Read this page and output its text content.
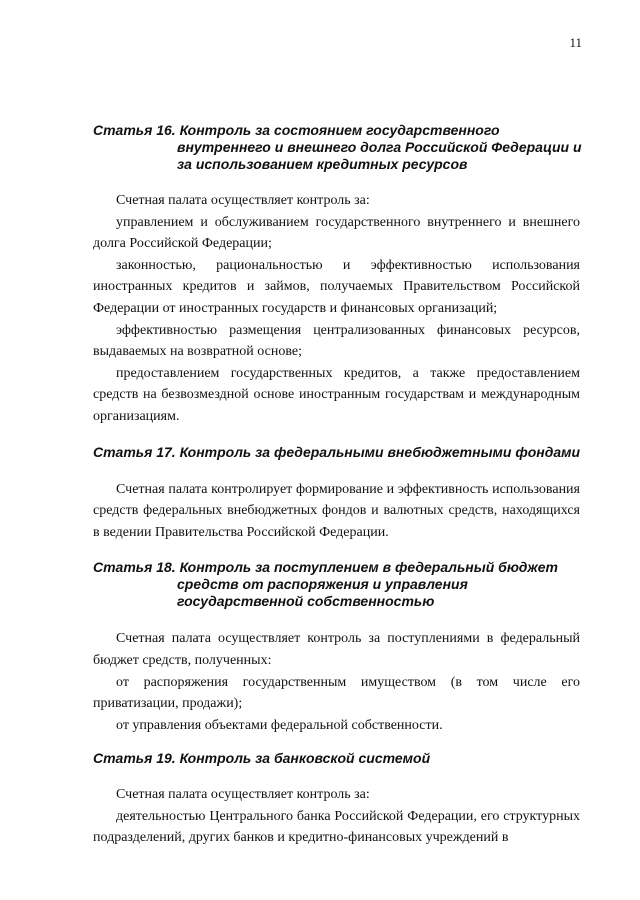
11
Статья 16. Контроль за состоянием государственного
внутреннего и внешнего долга Российской Федерации и
за использованием кредитных ресурсов

Счетная палата осуществляет контроль за:

управлением и обслуживанием государственного внутреннего и внешнего долга Российской Федерации;

законностью, рациональностью и эффективностью использования иностранных кредитов и займов, получаемых Правительством Российской Федерации от иностранных государств и финансовых организаций;

эффективностью размещения централизованных финансовых ресурсов, выдаваемых на возвратной основе;

предоставлением государственных кредитов, а также предоставлением средств на безвозмездной основе иностранным государствам и международным организациям.

Статья 17. Контроль за федеральными внебюджетными фондами

Счетная палата контролирует формирование и эффективность использования средств федеральных внебюджетных фондов и валютных средств, находящихся в ведении Правительства Российской Федерации.

Статья 18. Контроль за поступлением в федеральный бюджет
средств от распоряжения и управления
государственной собственностью

Счетная палата осуществляет контроль за поступлениями в федеральный бюджет средств, полученных:

от распоряжения государственным имуществом (в том числе его приватизации, продажи);

от управления объектами федеральной собственности.

Статья 19. Контроль за банковской системой

Счетная палата осуществляет контроль за:

деятельностью Центрального банка Российской Федерации, его структурных подразделений, других банков и кредитно-финансовых учреждений в
